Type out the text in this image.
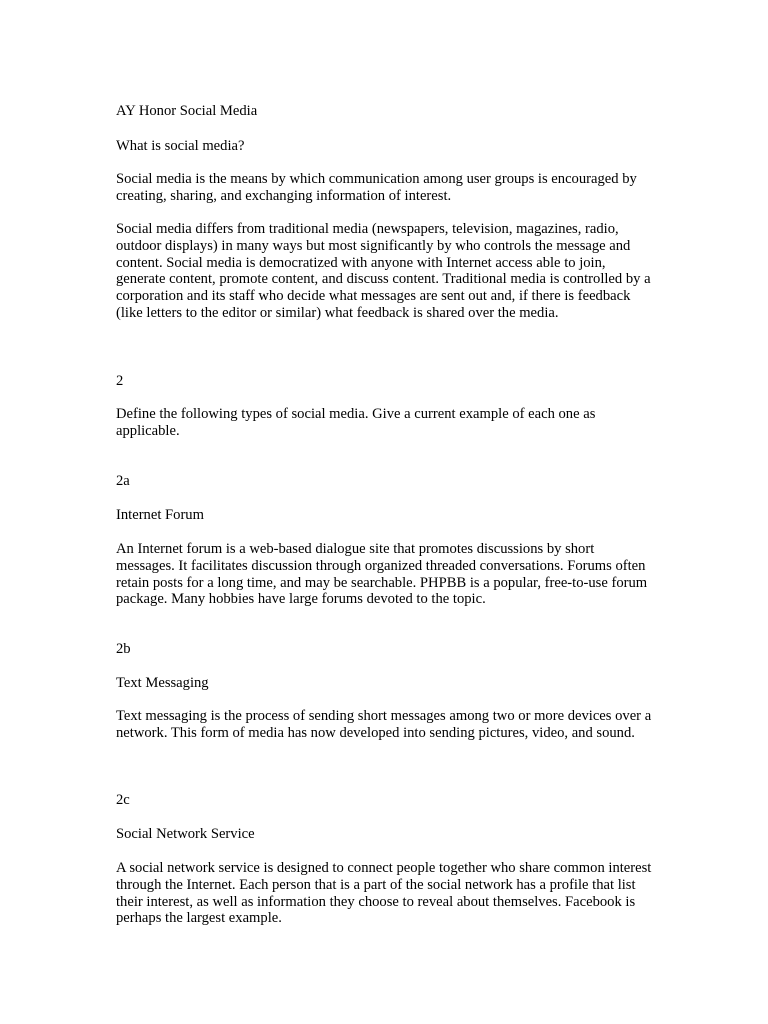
AY Honor Social Media

What is social media?

Social media is the means by which communication among user groups is encouraged by creating, sharing, and exchanging information of interest.

Social media differs from traditional media (newspapers, television, magazines, radio, outdoor displays) in many ways but most significantly by who controls the message and content. Social media is democratized with anyone with Internet access able to join, generate content, promote content, and discuss content. Traditional media is controlled by a corporation and its staff who decide what messages are sent out and, if there is feedback (like letters to the editor or similar) what feedback is shared over the media.

2

Define the following types of social media. Give a current example of each one as applicable.

2a

Internet Forum

An Internet forum is a web-based dialogue site that promotes discussions by short messages. It facilitates discussion through organized threaded conversations. Forums often retain posts for a long time, and may be searchable. PHPBB is a popular, free-to-use forum package. Many hobbies have large forums devoted to the topic.

2b

Text Messaging

Text messaging is the process of sending short messages among two or more devices over a network. This form of media has now developed into sending pictures, video, and sound.

2c

Social Network Service

A social network service is designed to connect people together who share common interest through the Internet. Each person that is a part of the social network has a profile that list their interest, as well as information they choose to reveal about themselves. Facebook is perhaps the largest example.
